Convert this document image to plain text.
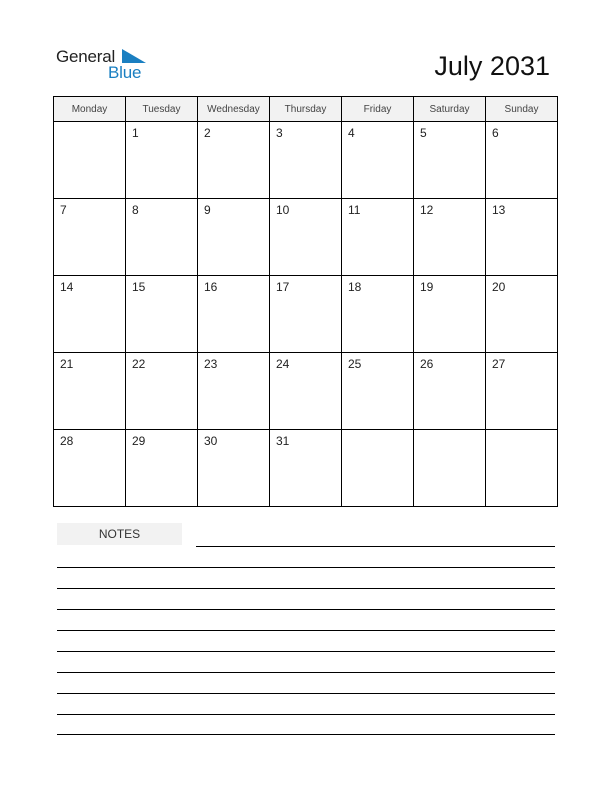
General
Blue	July 2031
Monday	Tuesday	Wednesday	Thursday	Friday	Saturday	Sunday

	1	2	3	4	5	6

7	8	9	10	11	12	13

14	15	16	17	18	19	20

21	22	23	24	25	26	27

28	29	30	31			

NOTES
